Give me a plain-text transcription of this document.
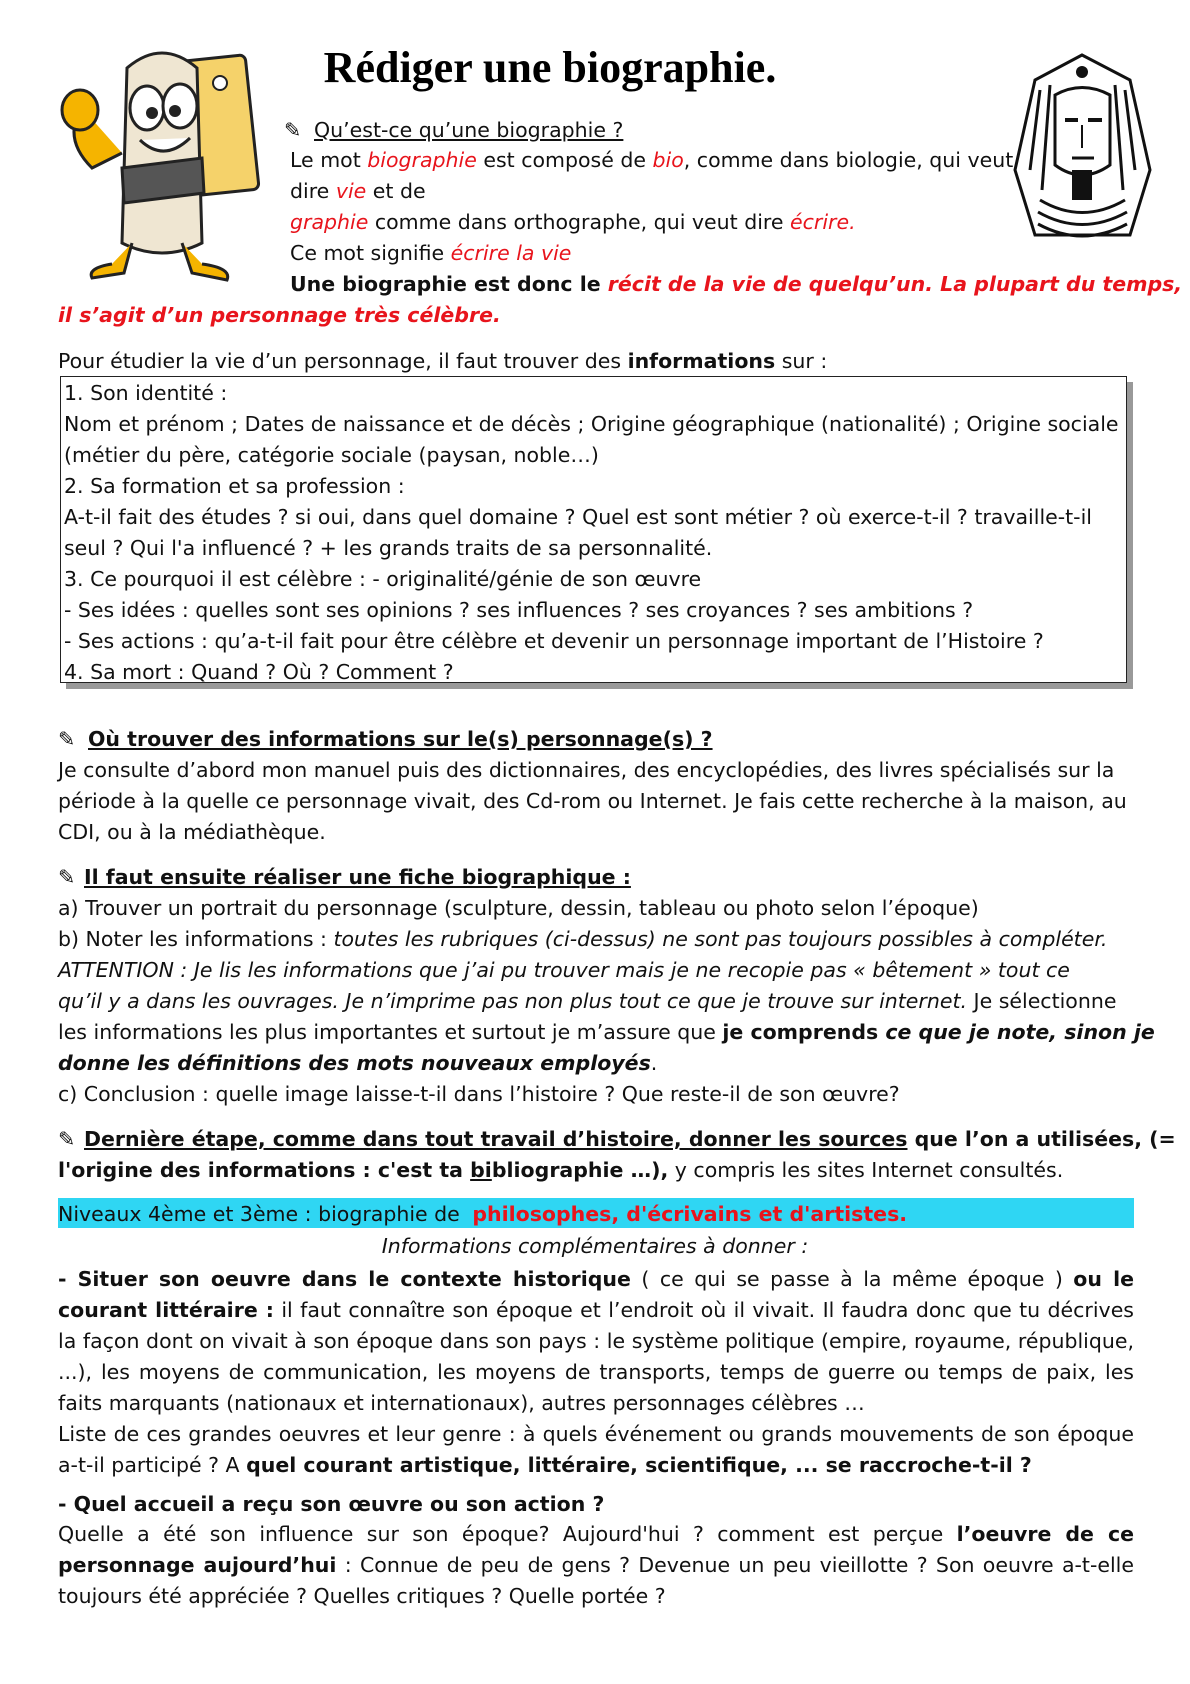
Rédiger une biographie.
✎ Qu’est-ce qu’une biographie ?
Le mot biographie est composé de bio, comme dans biologie, qui veut
dire vie et de
graphie comme dans orthographe, qui veut dire écrire.
Ce mot signifie écrire la vie
Une biographie est donc le récit de la vie de quelqu’un. La plupart du temps,
il s’agit d’un personnage très célèbre.
Pour étudier la vie d’un personnage, il faut trouver des informations sur :
1. Son identité :
Nom et prénom ; Dates de naissance et de décès ; Origine géographique (nationalité) ; Origine sociale
(métier du père, catégorie sociale (paysan, noble…)
2. Sa formation et sa profession :
A-t-il fait des études ? si oui, dans quel domaine ? Quel est sont métier ? où exerce-t-il ? travaille-t-il
seul ? Qui l'a influencé ? + les grands traits de sa personnalité.
3. Ce pourquoi il est célèbre : - originalité/génie de son œuvre
- Ses idées : quelles sont ses opinions ? ses influences ? ses croyances ? ses ambitions ?
- Ses actions : qu’a-t-il fait pour être célèbre et devenir un personnage important de l’Histoire ?
4. Sa mort : Quand ? Où ? Comment ?
✎ Où trouver des informations sur le(s) personnage(s) ?
Je consulte d’abord mon manuel puis des dictionnaires, des encyclopédies, des livres spécialisés sur la
période à la quelle ce personnage vivait, des Cd-rom ou Internet. Je fais cette recherche à la maison, au
CDI, ou à la médiathèque.
✎ Il faut ensuite réaliser une fiche biographique :
a) Trouver un portrait du personnage (sculpture, dessin, tableau ou photo selon l’époque)
b) Noter les informations : toutes les rubriques (ci-dessus) ne sont pas toujours possibles à compléter.
ATTENTION : Je lis les informations que j’ai pu trouver mais je ne recopie pas « bêtement » tout ce
qu’il y a dans les ouvrages. Je n’imprime pas non plus tout ce que je trouve sur internet. Je sélectionne
les informations les plus importantes et surtout je m’assure que je comprends ce que je note, sinon je
donne les définitions des mots nouveaux employés.
c) Conclusion : quelle image laisse-t-il dans l’histoire ? Que reste-il de son œuvre?
✎ Dernière étape, comme dans tout travail d’histoire, donner les sources que l’on a utilisées, (=
l'origine des informations : c'est ta bibliographie …), y compris les sites Internet consultés.
Niveaux 4ème et 3ème : biographie de philosophes, d'écrivains et d'artistes.
Informations complémentaires à donner :
- Situer son oeuvre dans le contexte historique ( ce qui se passe à la même époque ) ou le courant littéraire : il faut connaître son époque et l’endroit où il vivait. Il faudra donc que tu décrives la façon dont on vivait à son époque dans son pays : le système politique (empire, royaume, république, ...), les moyens de communication, les moyens de transports, temps de guerre ou temps de paix, les faits marquants (nationaux et internationaux), autres personnages célèbres …
Liste de ces grandes oeuvres et leur genre : à quels événement ou grands mouvements de son époque a-t-il participé ? A quel courant artistique, littéraire, scientifique, ... se raccroche-t-il ?
- Quel accueil a reçu son œuvre ou son action ?
Quelle a été son influence sur son époque? Aujourd'hui ? comment est perçue l’oeuvre de ce personnage aujourd’hui : Connue de peu de gens ? Devenue un peu vieillotte ? Son oeuvre a-t-elle toujours été appréciée ? Quelles critiques ? Quelle portée ?
